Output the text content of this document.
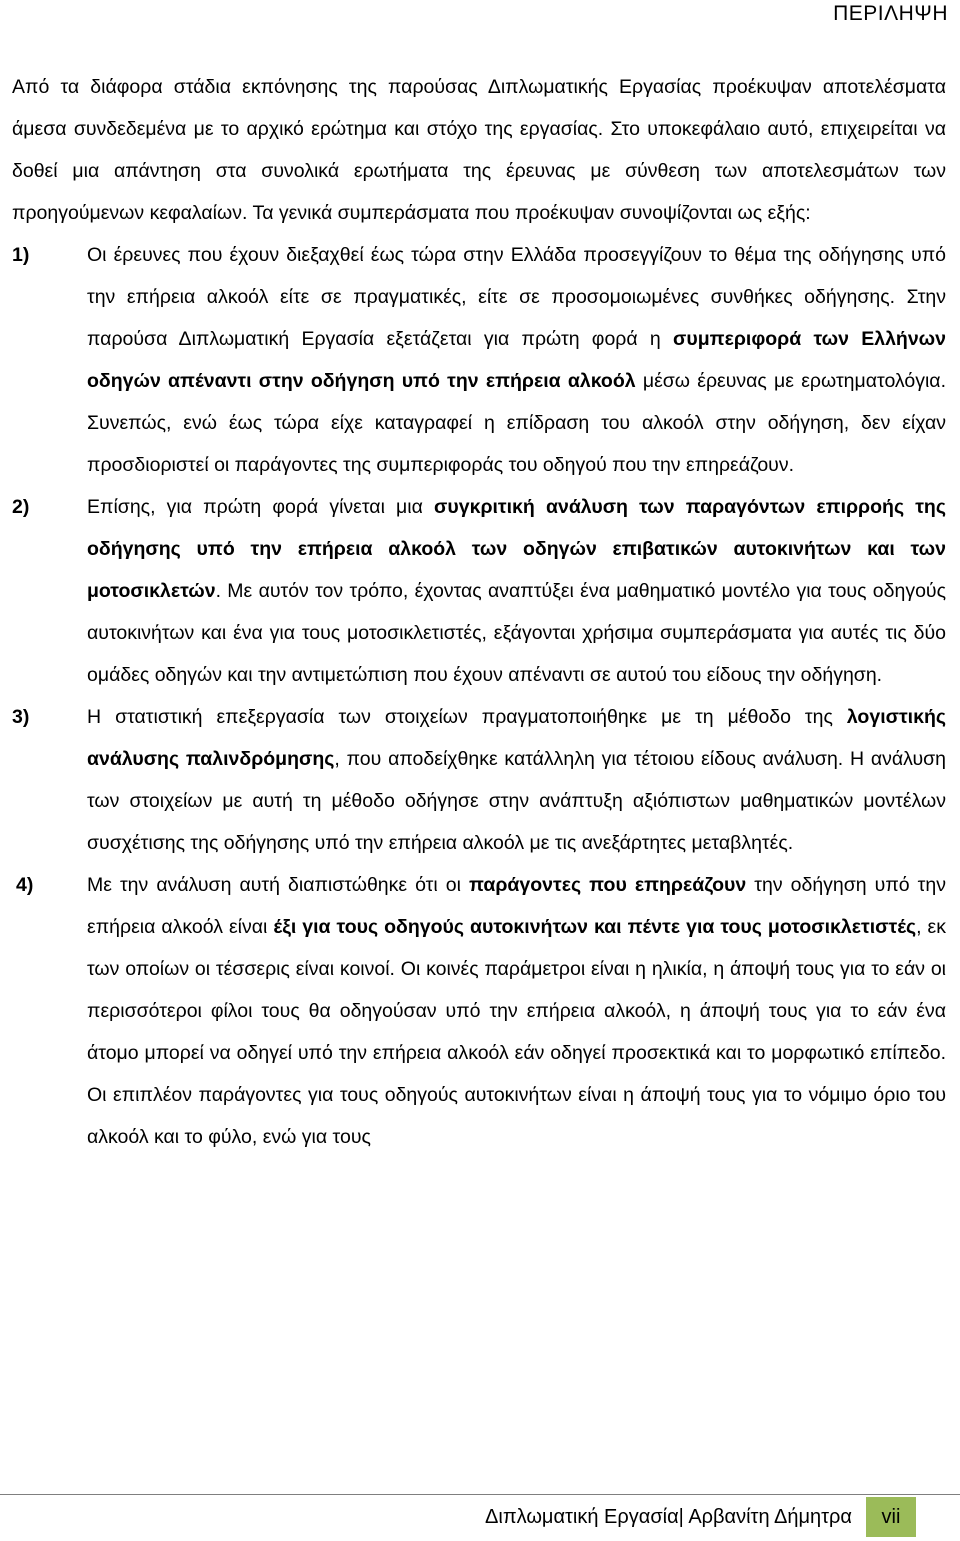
ΠΕΡΙΛΗΨΗ

Από τα διάφορα στάδια εκπόνησης της παρούσας Διπλωματικής Εργασίας προέκυψαν αποτελέσματα άμεσα συνδεδεμένα με το αρχικό ερώτημα και στόχο της εργασίας. Στο υποκεφάλαιο αυτό, επιχειρείται να δοθεί μια απάντηση στα συνολικά ερωτήματα της έρευνας με σύνθεση των αποτελεσμάτων των προηγούμενων κεφαλαίων. Τα γενικά συμπεράσματα που προέκυψαν συνοψίζονται ως εξής:

1)	Οι έρευνες που έχουν διεξαχθεί έως τώρα στην Ελλάδα προσεγγίζουν το θέμα της οδήγησης υπό την επήρεια αλκοόλ είτε σε πραγματικές, είτε σε προσομοιωμένες συνθήκες οδήγησης. Στην παρούσα Διπλωματική Εργασία εξετάζεται για πρώτη φορά η συμπεριφορά των Ελλήνων οδηγών απέναντι στην οδήγηση υπό την επήρεια αλκοόλ μέσω έρευνας με ερωτηματολόγια. Συνεπώς, ενώ έως τώρα είχε καταγραφεί η επίδραση του αλκοόλ στην οδήγηση, δεν είχαν προσδιοριστεί οι παράγοντες της συμπεριφοράς του οδηγού που την επηρεάζουν.
2)	Επίσης, για πρώτη φορά γίνεται μια συγκριτική ανάλυση των παραγόντων επιρροής της οδήγησης υπό την επήρεια αλκοόλ των οδηγών επιβατικών αυτοκινήτων και των μοτοσικλετών. Με αυτόν τον τρόπο, έχοντας αναπτύξει ένα μαθηματικό μοντέλο για τους οδηγούς αυτοκινήτων και ένα για τους μοτοσικλετιστές, εξάγονται χρήσιμα συμπεράσματα για αυτές τις δύο ομάδες οδηγών και την αντιμετώπιση που έχουν απέναντι σε αυτού του είδους την οδήγηση.
3)	Η στατιστική επεξεργασία των στοιχείων πραγματοποιήθηκε με τη μέθοδο της λογιστικής ανάλυσης παλινδρόμησης, που αποδείχθηκε κατάλληλη για τέτοιου είδους ανάλυση. Η ανάλυση των στοιχείων με αυτή τη μέθοδο οδήγησε στην ανάπτυξη αξιόπιστων μαθηματικών μοντέλων συσχέτισης της οδήγησης υπό την επήρεια αλκοόλ με τις ανεξάρτητες μεταβλητές.
4)	Με την ανάλυση αυτή διαπιστώθηκε ότι οι παράγοντες που επηρεάζουν την οδήγηση υπό την επήρεια αλκοόλ είναι έξι για τους οδηγούς αυτοκινήτων και πέντε για τους μοτοσικλετιστές, εκ των οποίων οι τέσσερις είναι κοινοί. Οι κοινές παράμετροι είναι η ηλικία, η άποψή τους για το εάν οι περισσότεροι φίλοι τους θα οδηγούσαν υπό την επήρεια αλκοόλ, η άποψή τους για το εάν ένα άτομο μπορεί να οδηγεί υπό την επήρεια αλκοόλ εάν οδηγεί προσεκτικά και το μορφωτικό επίπεδο. Οι επιπλέον παράγοντες για τους οδηγούς αυτοκινήτων είναι η άποψή τους για το νόμιμο όριο του αλκοόλ και το φύλο, ενώ για τους
Διπλωματική Εργασία| Αρβανίτη Δήμητρα	vii
